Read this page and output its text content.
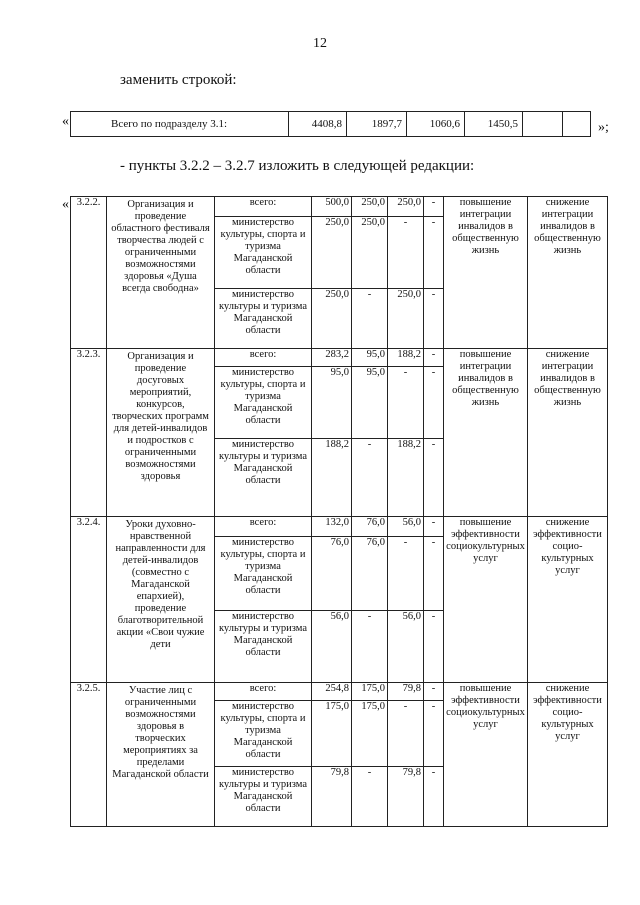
12
заменить строкой:
«	Всего по подразделу 3.1:	4408,8	1897,7	1060,6	1450,5			»;
- пункты 3.2.2 – 3.2.7 изложить в следующей редакции:
« 3.2.2.	Организация и проведение областного фестиваля творчества людей с ограниченными возможностями здоровья «Душа всегда свободна»	всего:	500,0	250,0	250,0	-	повышение интеграции инвалидов в общественную жизнь	снижение интеграции инвалидов в общественную жизнь
		министерство культуры, спорта и туризма Магаданской области	250,0	250,0	-	-		
		министерство культуры и туризма Магаданской области	250,0	-	250,0	-		
3.2.3.	Организация и проведение досуговых мероприятий, конкурсов, творческих программ для детей-инвалидов и подростков с ограниченными возможностями здоровья	всего:	283,2	95,0	188,2	-	повышение интеграции инвалидов в общественную жизнь	снижение интеграции инвалидов в общественную жизнь
		министерство культуры, спорта и туризма Магаданской области	95,0	95,0	-	-		
		министерство культуры и туризма Магаданской области	188,2	-	188,2	-		
3.2.4.	Уроки духовно-нравственной направленности для детей-инвалидов (совместно с Магаданской епархией), проведение благотворительной акции «Свои чужие дети	всего:	132,0	76,0	56,0	-	повышение эффективности социокультурных услуг	снижение эффективности социокультурных услуг
		министерство культуры, спорта и туризма Магаданской области	76,0	76,0	-	-		
		министерство культуры и туризма Магаданской области	56,0	-	56,0	-		
3.2.5.	Участие лиц с ограниченными возможностями здоровья в творческих мероприятиях за пределами Магаданской области	всего:	254,8	175,0	79,8	-	повышение эффективности социокультурных услуг	снижение эффективности социокультурных услуг
		министерство культуры, спорта и туризма Магаданской области	175,0	175,0	-	-		
		министерство культуры и туризма Магаданской области	79,8	-	79,8	-		
